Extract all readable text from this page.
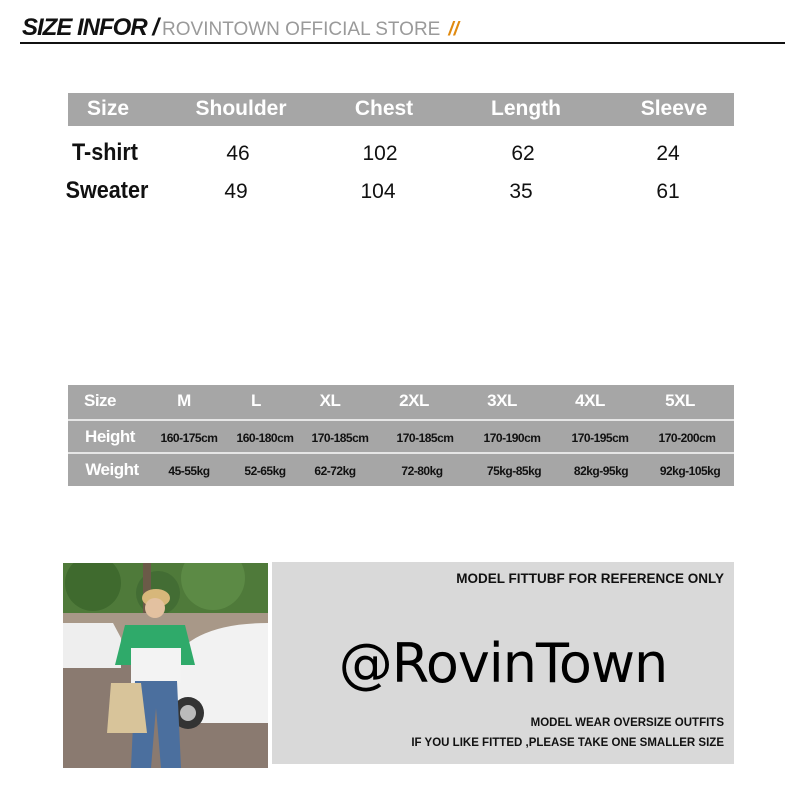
SIZE INFOR / ROVINTOWN OFFICIAL STORE //
Size	Shoulder	Chest	Length	Sleeve
T-shirt	46	102	62	24
Sweater	49	104	35	61
Size	M	L	XL	2XL	3XL	4XL	5XL
Height 160-175cm 160-180cm 170-185cm 170-185cm	170-190cm	170-195cm	170-200cm
Weight 45-55kg	52-65kg 62-72kg	72-80kg	75kg-85kg	82kg-95kg	92kg-105kg
MODEL FITTUBF FOR REFERENCE ONLY
@RovinTown
MODEL WEAR OVERSIZE OUTFITS
IF YOU LIKE FITTED ,PLEASE TAKE ONE SMALLER SIZE
